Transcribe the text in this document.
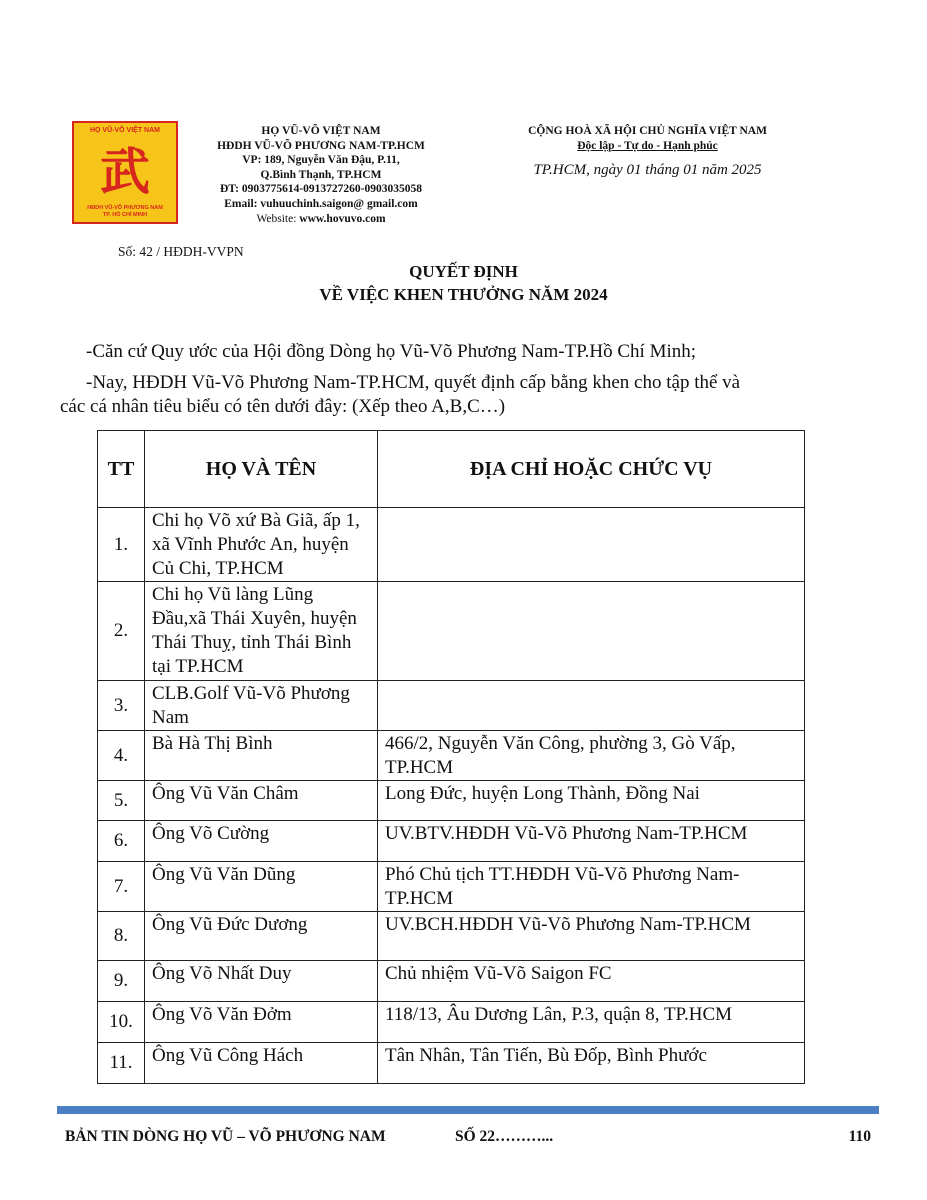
HỌ VŨ-VÕ VIỆT NAM
武
HĐDH VŨ-VÕ PHƯƠNG NAM
TP. HỒ CHÍ MINH
HỌ VŨ-VÕ VIỆT NAM
HĐDH VŨ-VÕ PHƯƠNG NAM-TP.HCM
VP: 189, Nguyễn Văn Đậu, P.11,
Q.Bình Thạnh, TP.HCM
ĐT: 0903775614-0913727260-0903035058
Email: vuhuuchinh.saigon@ gmail.com
Website: www.hovuvo.com
CỘNG HOÀ XÃ HỘI CHỦ NGHĨA VIỆT NAM
Độc lập - Tự do - Hạnh phúc
TP.HCM, ngày 01 tháng 01 năm 2025
Số: 42 / HĐDH-VVPN
QUYẾT ĐỊNH
VỀ VIỆC KHEN THƯỞNG NĂM 2024
-Căn cứ Quy ước của Hội đồng Dòng họ Vũ-Võ Phương Nam-TP.Hồ Chí Minh;
-Nay, HĐDH Vũ-Võ Phương Nam-TP.HCM, quyết định cấp bằng khen cho tập thể và
các cá nhân tiêu biểu có tên dưới đây: (Xếp theo A,B,C…)
TT	HỌ VÀ TÊN	ĐỊA CHỈ HOẶC CHỨC VỤ
1.	Chi họ Võ xứ Bà Giã, ấp 1, xã Vĩnh Phước An, huyện Củ Chi, TP.HCM	
2.	Chi họ Vũ làng Lũng Đầu,xã Thái Xuyên, huyện Thái Thuỵ, tỉnh Thái Bình tại TP.HCM	
3.	CLB.Golf Vũ-Võ Phương Nam	
4.	Bà Hà Thị Bình	466/2, Nguyễn Văn Công, phường 3, Gò Vấp, TP.HCM
5.	Ông Vũ Văn Châm	Long Đức, huyện Long Thành, Đồng Nai
6.	Ông Võ Cường	UV.BTV.HĐDH Vũ-Võ Phương Nam-TP.HCM
7.	Ông Vũ Văn Dũng	Phó Chủ tịch TT.HĐDH Vũ-Võ Phương Nam-TP.HCM
8.	Ông Vũ Đức Dương	UV.BCH.HĐDH Vũ-Võ Phương Nam-TP.HCM
9.	Ông Võ Nhất Duy	Chủ nhiệm Vũ-Võ Saigon FC
10.	Ông Võ Văn Đởm	118/13, Âu Dương Lân, P.3, quận 8, TP.HCM
11.	Ông Vũ Công Hách	Tân Nhân, Tân Tiến, Bù Đốp, Bình Phước
BẢN TIN DÒNG HỌ VŨ – VÕ PHƯƠNG NAM	SỐ 22………...	110
